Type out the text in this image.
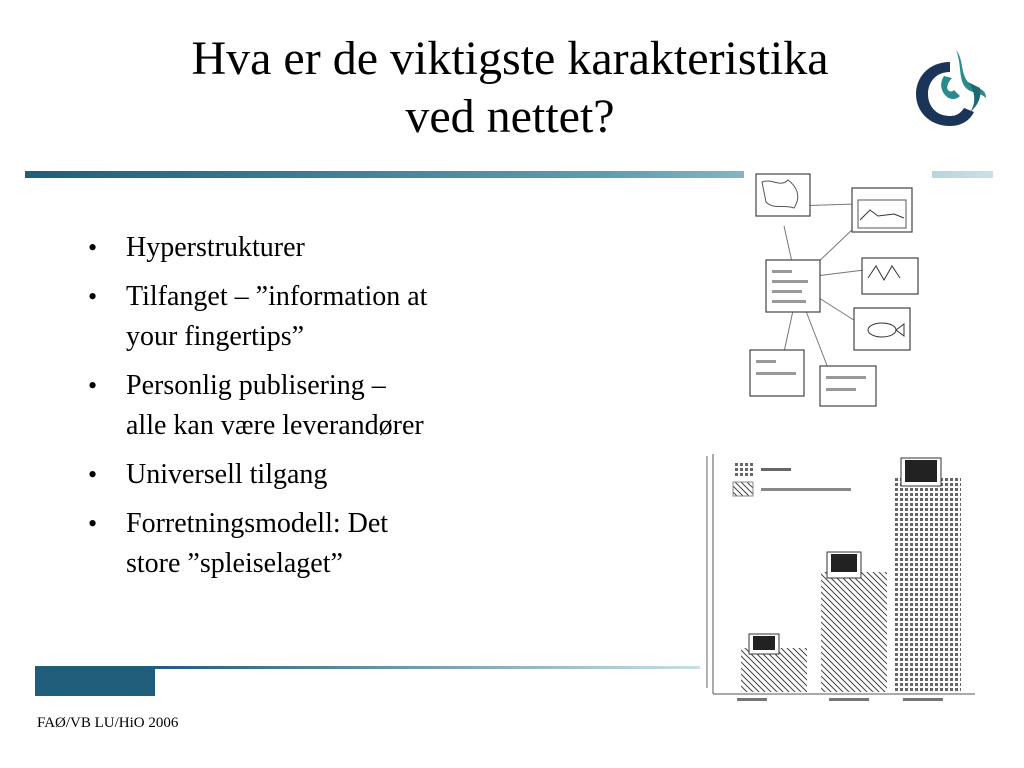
Hva er de viktigste karakteristika
ved nettet?
• Hyperstrukturer
• Tilfanget – ”information at
your fingertips”
• Personlig publisering –
alle kan være leverandører
• Universell tilgang
• Forretningsmodell: Det
store ”spleiselaget”
FAØ/VB LU/HiO 2006
